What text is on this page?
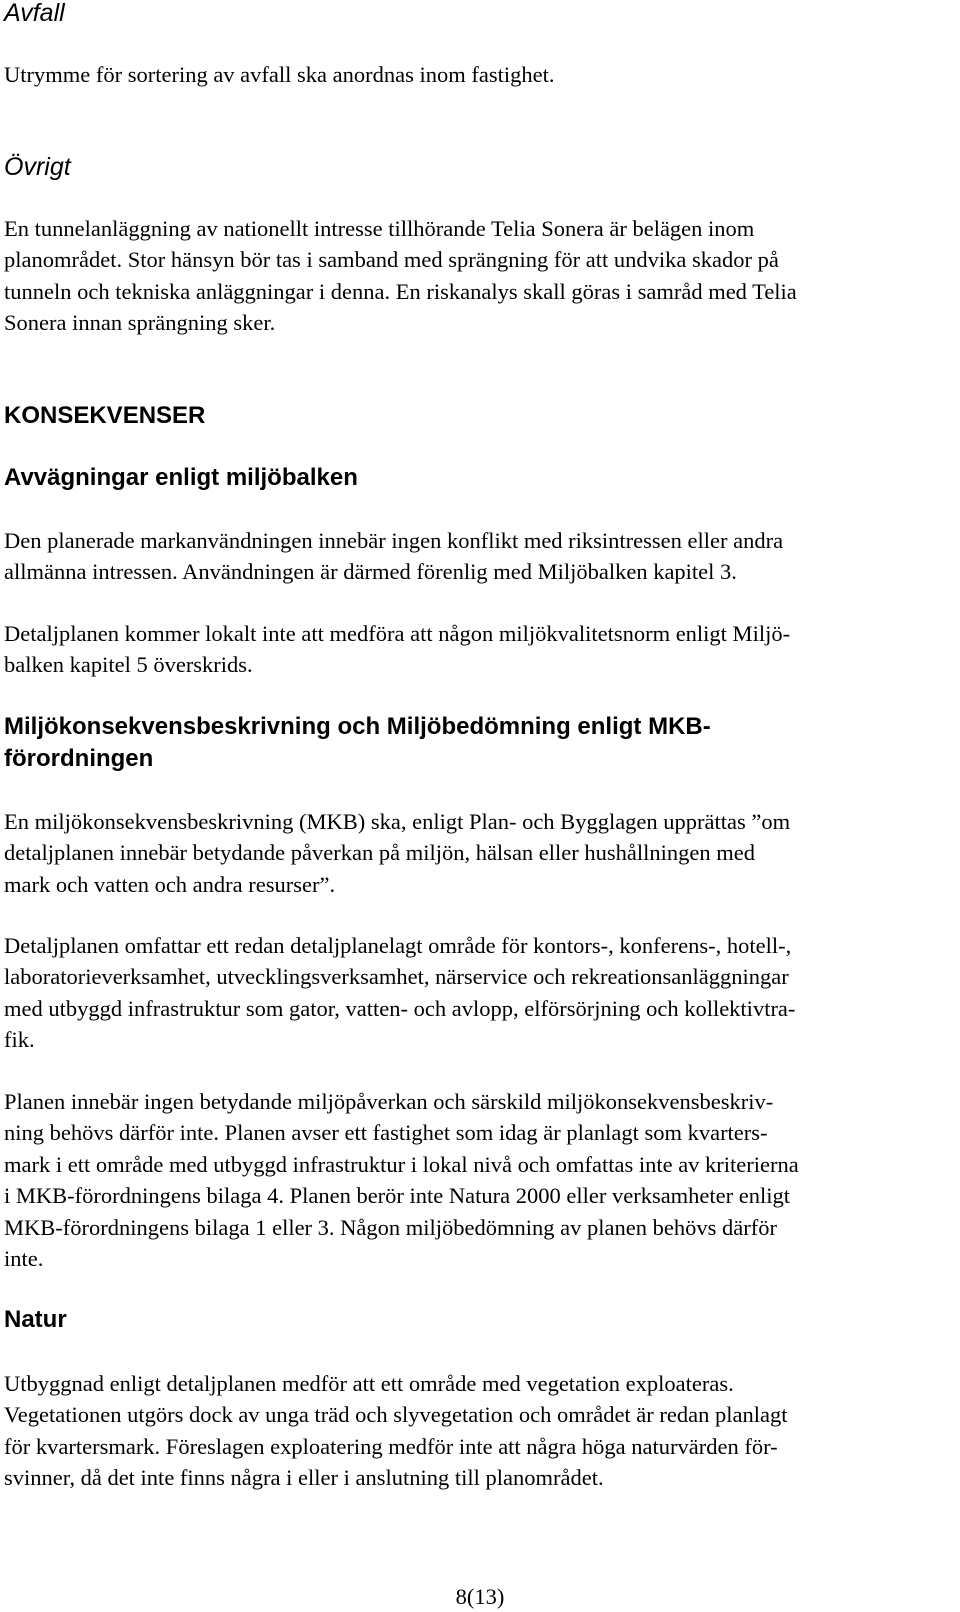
Avfall

Utrymme för sortering av avfall ska anordnas inom fastighet.

Övrigt

En tunnelanläggning av nationellt intresse tillhörande Telia Sonera är belägen inom
planområdet. Stor hänsyn bör tas i samband med sprängning för att undvika skador på
tunneln och tekniska anläggningar i denna. En riskanalys skall göras i samråd med Telia
Sonera innan sprängning sker.

KONSEKVENSER
Avvägningar enligt miljöbalken

Den planerade markanvändningen innebär ingen konflikt med riksintressen eller andra
allmänna intressen. Användningen är därmed förenlig med Miljöbalken kapitel 3.

Detaljplanen kommer lokalt inte att medföra att någon miljökvalitetsnorm enligt Miljö-
balken kapitel 5 överskrids.

Miljökonsekvensbeskrivning och Miljöbedömning enligt MKB-
förordningen

En miljökonsekvensbeskrivning (MKB) ska, enligt Plan- och Bygglagen upprättas ”om
detaljplanen innebär betydande påverkan på miljön, hälsan eller hushållningen med
mark och vatten och andra resurser”.

Detaljplanen omfattar ett redan detaljplanelagt område för kontors-, konferens-, hotell-,
laboratorieverksamhet, utvecklingsverksamhet, närservice och rekreationsanläggningar
med utbyggd infrastruktur som gator, vatten- och avlopp, elförsörjning och kollektivtra-
fik.

Planen innebär ingen betydande miljöpåverkan och särskild miljökonsekvensbeskriv-
ning behövs därför inte. Planen avser ett fastighet som idag är planlagt som kvarters-
mark i ett område med utbyggd infrastruktur i lokal nivå och omfattas inte av kriterierna
i MKB-förordningens bilaga 4. Planen berör inte Natura 2000 eller verksamheter enligt
MKB-förordningens bilaga 1 eller 3. Någon miljöbedömning av planen behövs därför
inte.

Natur

Utbyggnad enligt detaljplanen medför att ett område med vegetation exploateras.
Vegetationen utgörs dock av unga träd och slyvegetation och området är redan planlagt
för kvartersmark. Föreslagen exploatering medför inte att några höga naturvärden för-
svinner, då det inte finns några i eller i anslutning till planområdet.

8(13)
